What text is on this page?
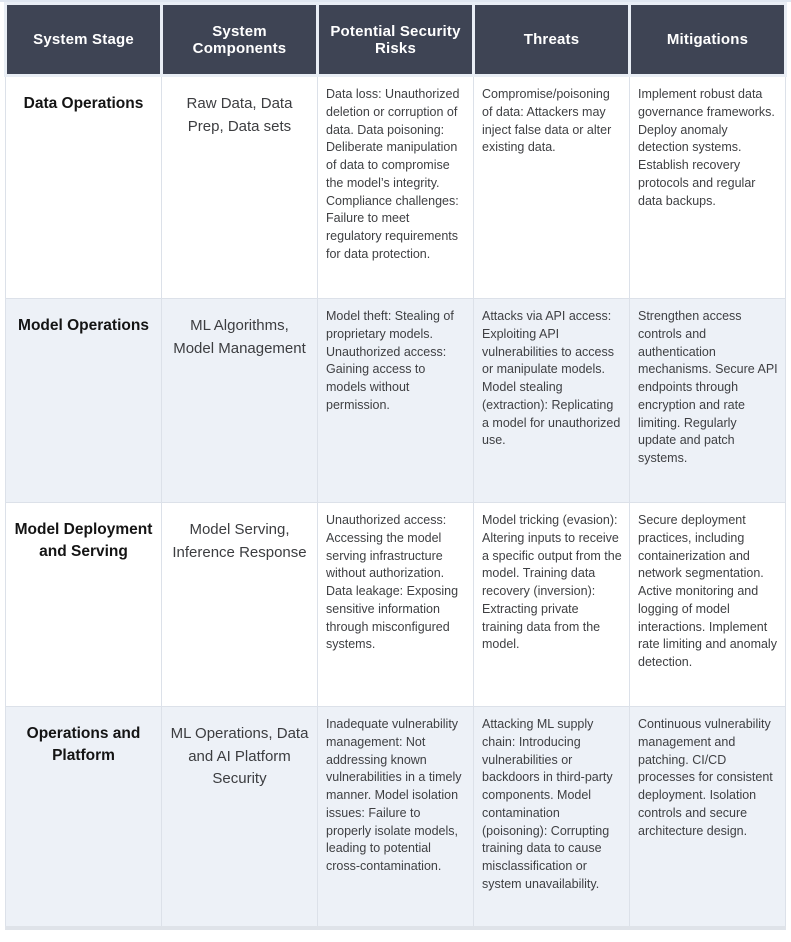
System Stage	System Components	Potential Security Risks	Threats	Mitigations
Data Operations	Raw Data, Data Prep, Data sets	Data loss: Unauthorized deletion or corruption of data. Data poisoning: Deliberate manipulation of data to compromise the model’s integrity. Compliance challenges: Failure to meet regulatory requirements for data protection.	Compromise/poisoning of data: Attackers may inject false data or alter existing data.	Implement robust data governance frameworks. Deploy anomaly detection systems. Establish recovery protocols and regular data backups.
Model Operations	ML Algorithms, Model Management	Model theft: Stealing of proprietary models. Unauthorized access: Gaining access to models without permission.	Attacks via API access: Exploiting API vulnerabilities to access or manipulate models. Model stealing (extraction): Replicating a model for unauthorized use.	Strengthen access controls and authentication mechanisms. Secure API endpoints through encryption and rate limiting. Regularly update and patch systems.
Model Deployment and Serving	Model Serving, Inference Response	Unauthorized access: Accessing the model serving infrastructure without authorization. Data leakage: Exposing sensitive information through misconfigured systems.	Model tricking (evasion): Altering inputs to receive a specific output from the model. Training data recovery (inversion): Extracting private training data from the model.	Secure deployment practices, including containerization and network segmentation. Active monitoring and logging of model interactions. Implement rate limiting and anomaly detection.
Operations and Platform	ML Operations, Data and AI Platform Security	Inadequate vulnerability management: Not addressing known vulnerabilities in a timely manner. Model isolation issues: Failure to properly isolate models, leading to potential cross-contamination.	Attacking ML supply chain: Introducing vulnerabilities or backdoors in third-party components. Model contamination (poisoning): Corrupting training data to cause misclassification or system unavailability.	Continuous vulnerability management and patching. CI/CD processes for consistent deployment. Isolation controls and secure architecture design.
